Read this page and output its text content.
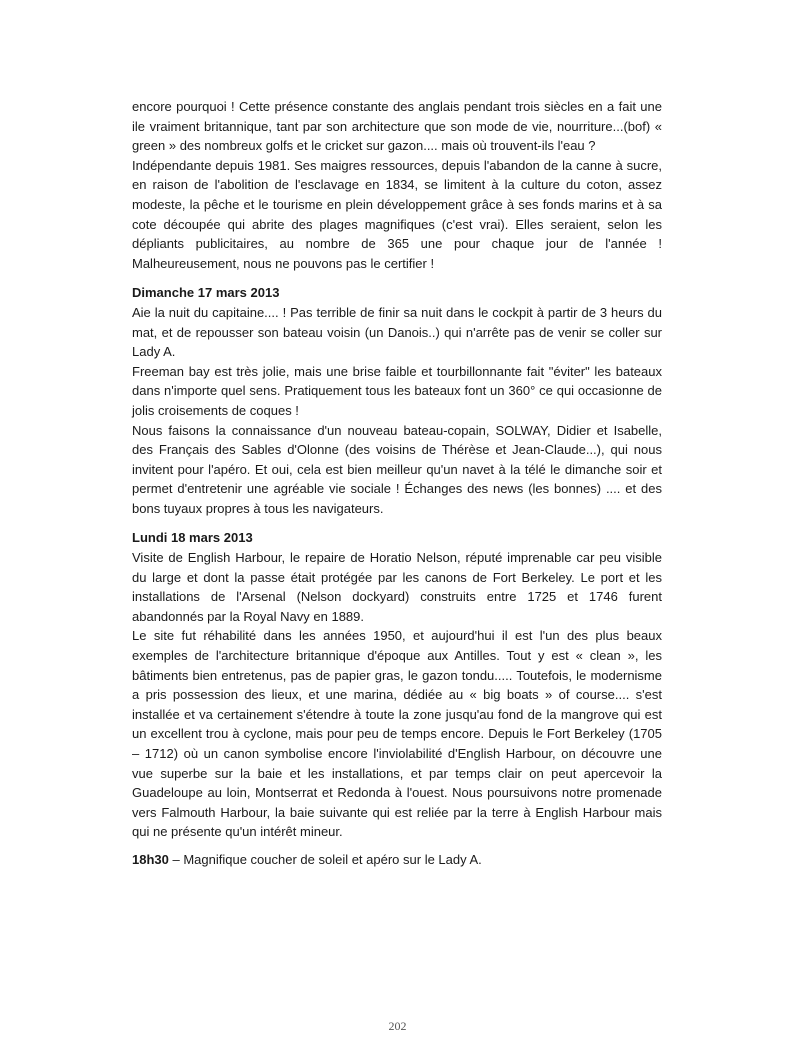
encore pourquoi ! Cette présence constante des anglais pendant trois siècles en a fait une ile vraiment britannique, tant par son architecture que son mode de vie, nourriture...(bof) « green » des nombreux golfs et le cricket sur gazon.... mais où trouvent-ils l'eau ?

Indépendante depuis 1981. Ses maigres ressources, depuis l'abandon de la canne à sucre, en raison de l'abolition de l'esclavage en 1834, se limitent à la culture du coton, assez modeste, la pêche et le tourisme en plein développement grâce à ses fonds marins et à sa cote découpée qui abrite des plages magnifiques (c'est vrai). Elles seraient, selon les dépliants publicitaires, au nombre de 365 une pour chaque jour de l'année ! Malheureusement, nous ne pouvons pas le certifier !

Dimanche 17 mars 2013

Aie la nuit du capitaine.... ! Pas terrible de finir sa nuit dans le cockpit à partir de 3 heurs du mat, et de repousser son bateau voisin (un Danois..) qui n'arrête pas de venir se coller sur Lady A.

Freeman bay est très jolie, mais une brise faible et tourbillonnante fait "éviter" les bateaux dans n'importe quel sens. Pratiquement tous les bateaux font un 360° ce qui occasionne de jolis croisements de coques !

Nous faisons la connaissance d'un nouveau bateau-copain, SOLWAY, Didier et Isabelle, des Français des Sables d'Olonne (des voisins de Thérèse et Jean-Claude...), qui nous invitent pour l'apéro. Et oui, cela est bien meilleur qu'un navet à la télé le dimanche soir et permet d'entretenir une agréable vie sociale ! Échanges des news (les bonnes) .... et des bons tuyaux propres à tous les navigateurs.

Lundi 18 mars 2013

Visite de English Harbour, le repaire de Horatio Nelson, réputé imprenable car peu visible du large et dont la passe était protégée par les canons de Fort Berkeley. Le port et les installations de l'Arsenal (Nelson dockyard) construits entre 1725 et 1746 furent abandonnés par la Royal Navy en 1889.

Le site fut réhabilité dans les années 1950, et aujourd'hui il est l'un des plus beaux exemples de l'architecture britannique d'époque aux Antilles. Tout y est « clean », les bâtiments bien entretenus, pas de papier gras, le gazon tondu..... Toutefois, le modernisme a pris possession des lieux, et une marina, dédiée au « big boats » of course.... s'est installée et va certainement s'étendre à toute la zone jusqu'au fond de la mangrove qui est un excellent trou à cyclone, mais pour peu de temps encore. Depuis le Fort Berkeley (1705 – 1712) où un canon symbolise encore l'inviolabilité d'English Harbour, on découvre une vue superbe sur la baie et les installations, et par temps clair on peut apercevoir la Guadeloupe au loin, Montserrat et Redonda à l'ouest. Nous poursuivons notre promenade vers Falmouth Harbour, la baie suivante qui est reliée par la terre à English Harbour mais qui ne présente qu'un intérêt mineur.

18h30 – Magnifique coucher de soleil et apéro sur le Lady A.

202
